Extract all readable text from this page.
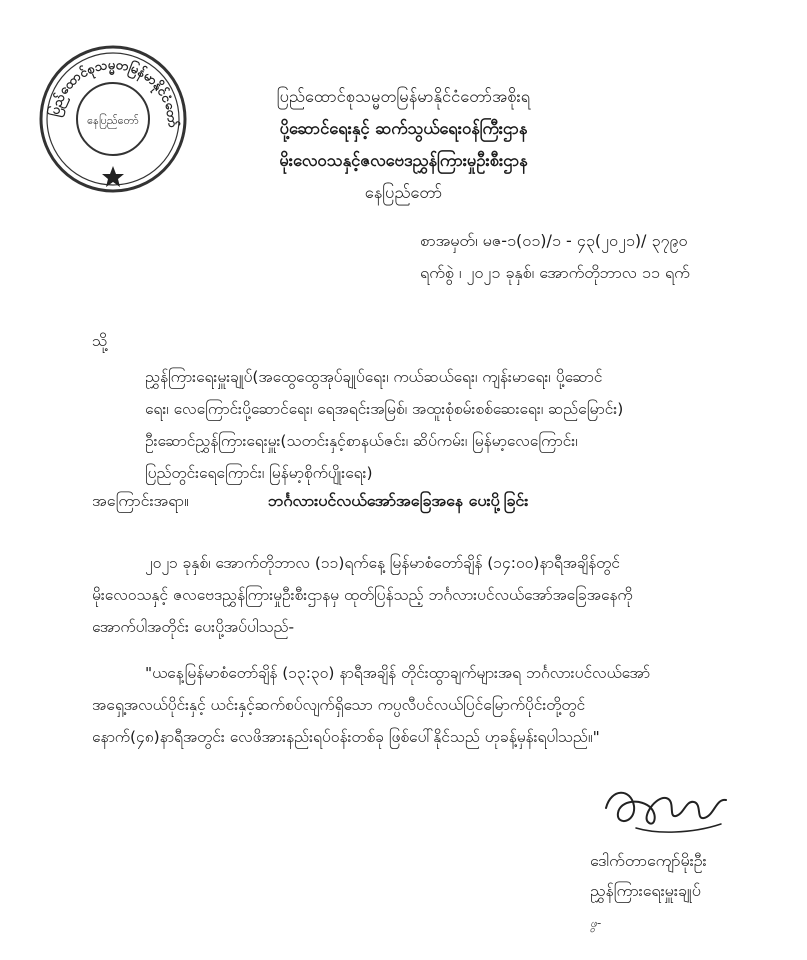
ပြည်ထောင်စုသမ္မတမြန်မာနိုင်ငံတော်
နေပြည်တော်
ပြည်ထောင်စုသမ္မတမြန်မာနိုင်ငံတော်အစိုးရ
ပို့ဆောင်ရေးနှင့် ဆက်သွယ်ရေးဝန်ကြီးဌာန
မိုးလေဝသနှင့်ဇလဗေဒညွှန်ကြားမှုဦးစီးဌာန
နေပြည်တော်
စာအမှတ်၊ မဇ-၁(၀၁)/၁ - ၄၃(၂၀၂၁)/ ၃၇၉၀
ရက်စွဲ ၊ ၂၀၂၁ ခုနှစ်၊ အောက်တိုဘာလ ၁၁ ရက်
သို့
ညွှန်ကြားရေးမှူးချုပ်(အထွေထွေအုပ်ချုပ်ရေး၊ ကယ်ဆယ်ရေး၊ ကျန်းမာရေး၊ ပို့ဆောင်
ရေး၊ လေကြောင်းပို့ဆောင်ရေး၊ ရေအရင်းအမြစ်၊ အထူးစုံစမ်းစစ်ဆေးရေး၊ ဆည်မြောင်း)
ဦးဆောင်ညွှန်ကြားရေးမှူး(သတင်းနှင့်စာနယ်ဇင်း၊ ဆိပ်ကမ်း၊ မြန်မာ့လေကြောင်း၊
ပြည်တွင်းရေကြောင်း၊ မြန်မာ့စိုက်ပျိုးရေး)
အကြောင်းအရာ။	ဘင်္ဂလားပင်လယ်အော်အခြေအနေ ပေးပို့ခြင်း
၂၀၂၁ ခုနှစ်၊ အောက်တိုဘာလ (၁၁)ရက်နေ့ မြန်မာစံတော်ချိန် (၁၄:၀၀)နာရီအချိန်တွင်
မိုးလေဝသနှင့် ဇလဗေဒညွှန်ကြားမှုဦးစီးဌာနမှ ထုတ်ပြန်သည့် ဘင်္ဂလားပင်လယ်အော်အခြေအနေကို
အောက်ပါအတိုင်း ပေးပို့အပ်ပါသည်-
"ယနေ့မြန်မာစံတော်ချိန် (၁၃:၃၀) နာရီအချိန် တိုင်းထွာချက်များအရ ဘင်္ဂလားပင်လယ်အော်
အရှေ့အလယ်ပိုင်းနှင့် ယင်းနှင့်ဆက်စပ်လျက်ရှိသော ကပ္ပလီပင်လယ်ပြင်မြောက်ပိုင်းတို့တွင်
နောက်(၄၈)နာရီအတွင်း လေဖိအားနည်းရပ်ဝန်းတစ်ခု ဖြစ်ပေါ်နိုင်သည် ဟုခန့်မှန်းရပါသည်။"
ဒေါက်တာကျော်မိုးဦး
ညွှန်ကြားရေးမှူးချုပ်
ဖွ-
